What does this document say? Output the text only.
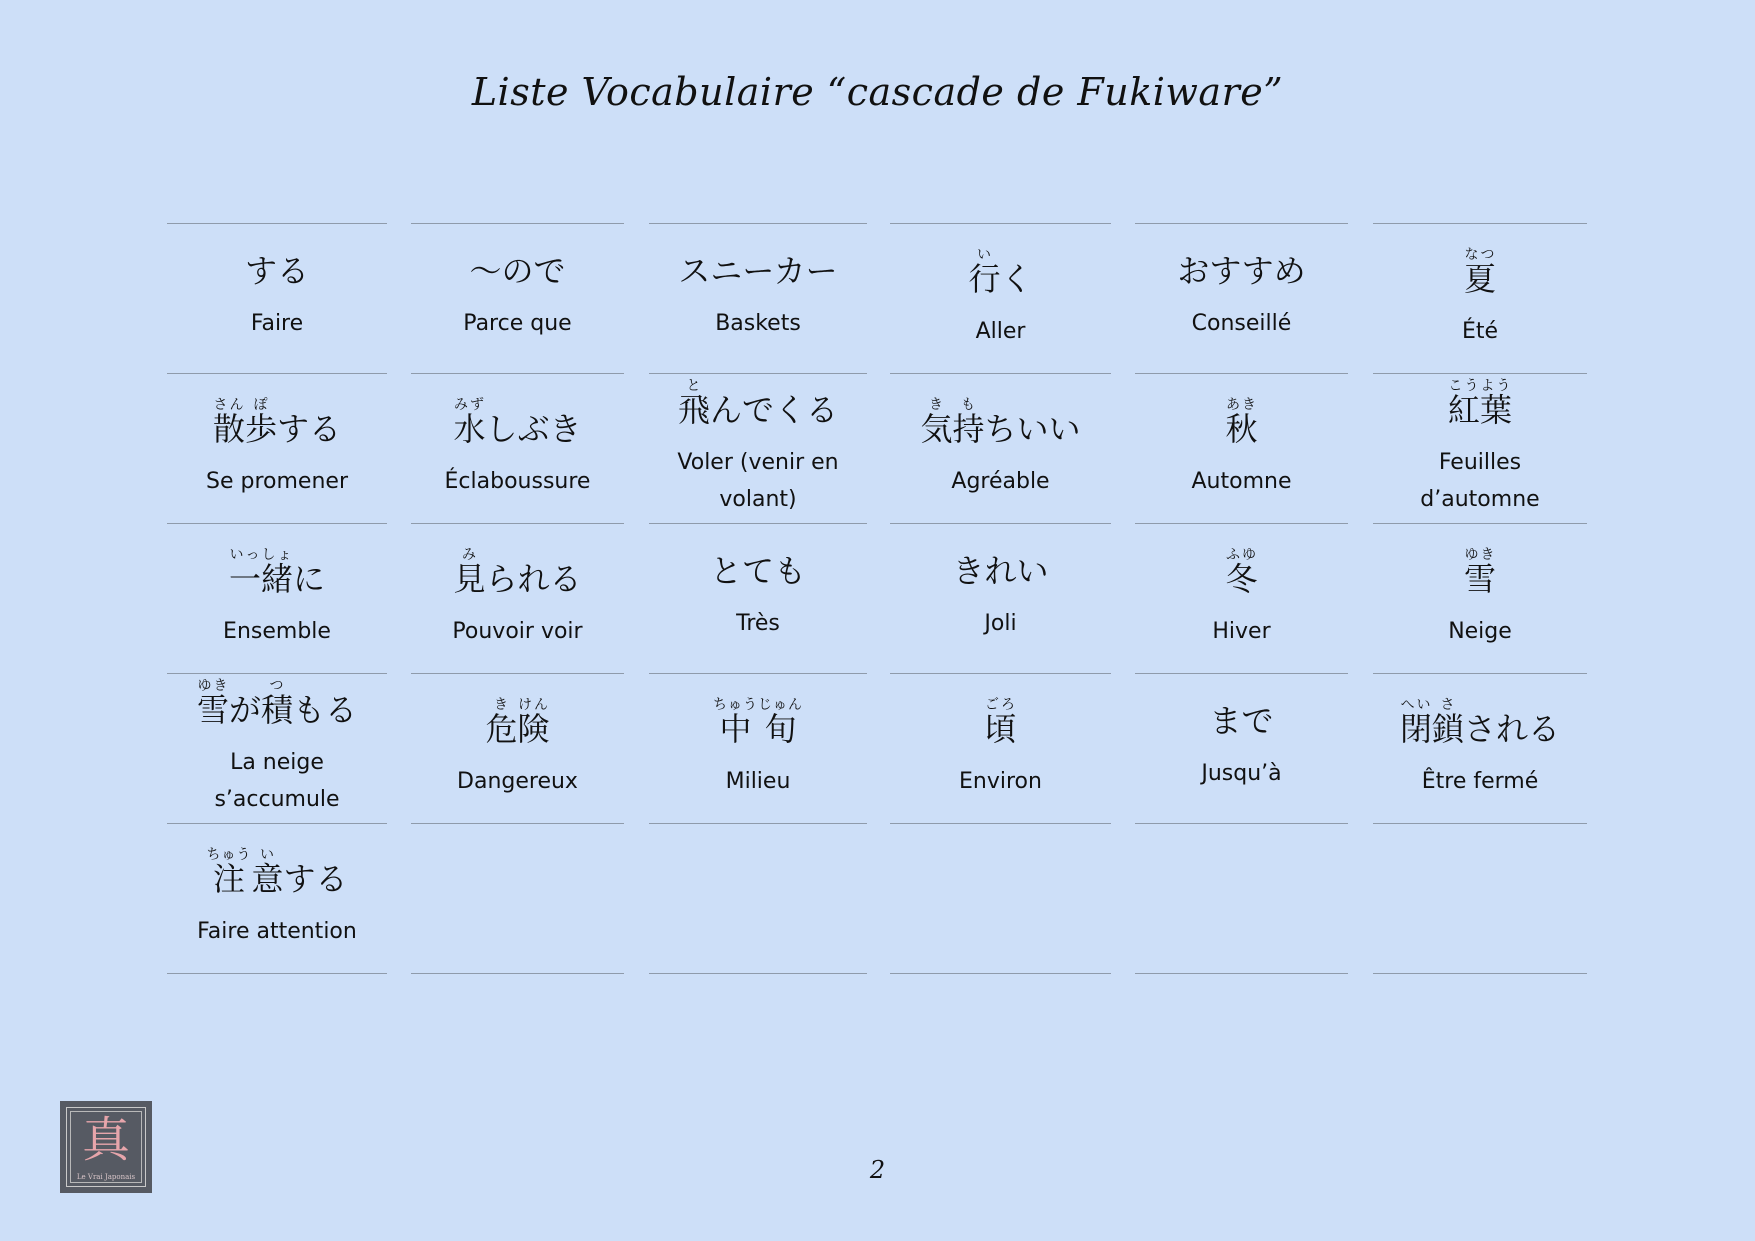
Liste Vocabulaire “cascade de Fukiware”
する
Faire
～ので
Parce que
スニーカー
Baskets
行いく
Aller
おすすめ
Conseillé
夏なつ
Été
散さん歩ぽする
Se promener
水みずしぶき
Éclaboussure
飛とんでくる
Voler (venir en volant)
気き持もちいい
Agréable
秋あき
Automne
紅葉こうよう
Feuilles d’automne
一緒いっしょに
Ensemble
見みられる
Pouvoir voir
とても
Très
きれい
Joli
冬ふゆ
Hiver
雪ゆき
Neige
雪ゆきが積つもる
La neige s’accumule
危き険けん
Dangereux
中ちゅう旬じゅん
Milieu
頃ごろ
Environ
まで
Jusqu’à
閉へい鎖さされる
Être fermé
注ちゅう意いする
Faire attention
2
真
Le Vrai Japonais
